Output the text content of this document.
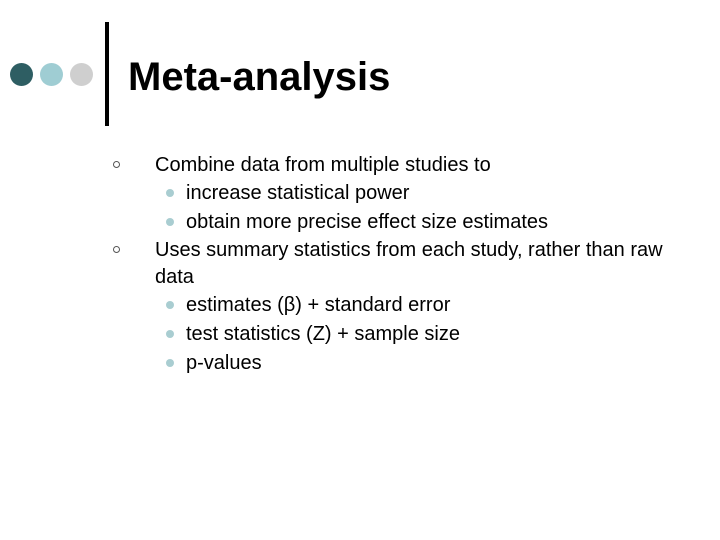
Meta-analysis
Combine data from multiple studies to
increase statistical power
obtain more precise effect size estimates
Uses summary statistics from each study, rather than raw data
estimates (β) + standard error
test statistics (Z) + sample size
p-values
